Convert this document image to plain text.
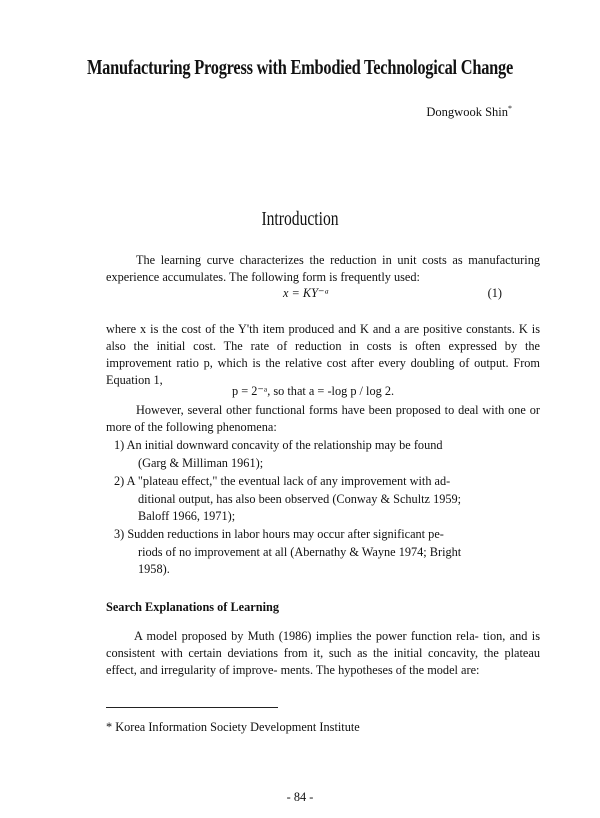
Manufacturing Progress with Embodied Technological Change
Dongwook Shin*
Introduction
The learning curve characterizes the reduction in unit costs as manufacturing experience accumulates. The following form is frequently used:
x = KY⁻ᵃ	(1)
where x is the cost of the Y'th item produced and K and a are positive constants. K is also the initial cost. The rate of reduction in costs is often expressed by the improvement ratio p, which is the relative cost after every doubling of output. From Equation 1,
p = 2⁻ᵃ, so that a = -log p / log 2.
However, several other functional forms have been proposed to deal with one or more of the following phenomena:
1) An initial downward concavity of the relationship may be found
(Garg & Milliman 1961);
2) A "plateau effect," the eventual lack of any improvement with ad-
ditional output, has also been observed (Conway & Schultz 1959;
Baloff 1966, 1971);
3) Sudden reductions in labor hours may occur after significant pe-
riods of no improvement at all (Abernathy & Wayne 1974; Bright
1958).
Search Explanations of Learning
A model proposed by Muth (1986) implies the power function rela- tion, and is consistent with certain deviations from it, such as the initial concavity, the plateau effect, and irregularity of improve- ments. The hypotheses of the model are:
* Korea Information Society Development Institute
- 84 -
